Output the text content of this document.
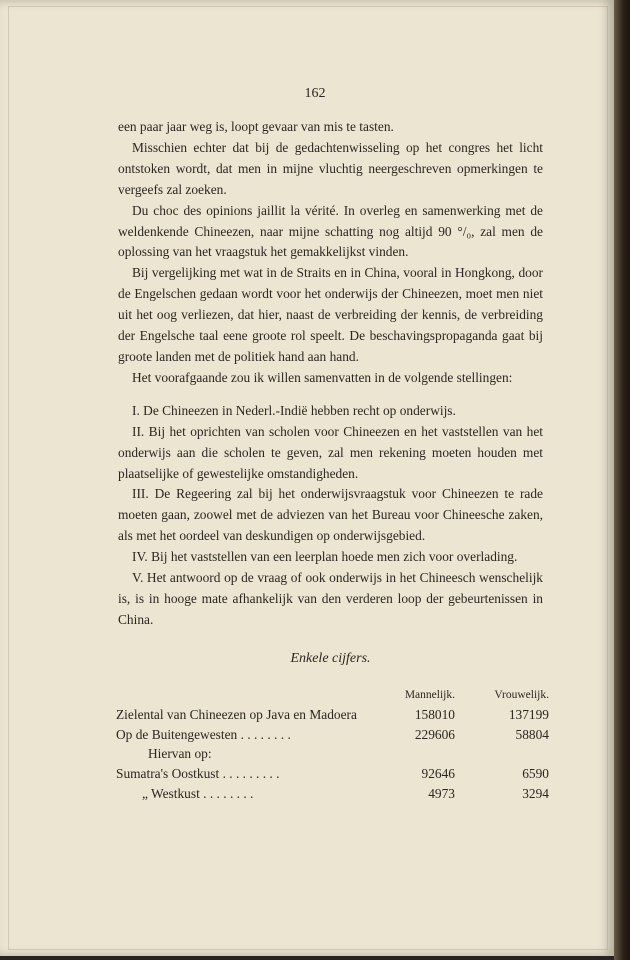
162

een paar jaar weg is, loopt gevaar van mis te tasten.

Misschien echter dat bij de gedachtenwisseling op het congres het licht ontstoken wordt, dat men in mijne vluchtig neergeschreven opmerkingen te vergeefs zal zoeken.

Du choc des opinions jaillit la vérité. In overleg en samenwerking met de weldenkende Chineezen, naar mijne schatting nog altijd 90 °/₀, zal men de oplossing van het vraagstuk het gemakkelijkst vinden.

Bij vergelijking met wat in de Straits en in China, vooral in Hongkong, door de Engelschen gedaan wordt voor het onderwijs der Chineezen, moet men niet uit het oog verliezen, dat hier, naast de verbreiding der kennis, de verbreiding der Engelsche taal eene groote rol speelt. De beschavingspropaganda gaat bij groote landen met de politiek hand aan hand.

Het voorafgaande zou ik willen samenvatten in de volgende stellingen:

I. De Chineezen in Nederl.-Indië hebben recht op onderwijs.

II. Bij het oprichten van scholen voor Chineezen en het vaststellen van het onderwijs aan die scholen te geven, zal men rekening moeten houden met plaatselijke of gewestelijke omstandigheden.

III. De Regeering zal bij het onderwijsvraagstuk voor Chineezen te rade moeten gaan, zoowel met de adviezen van het Bureau voor Chineesche zaken, als met het oordeel van deskundigen op onderwijsgebied.

IV. Bij het vaststellen van een leerplan hoede men zich voor overlading.

V. Het antwoord op de vraag of ook onderwijs in het Chineesch wenschelijk is, is in hooge mate afhankelijk van den verderen loop der gebeurtenissen in China.

Enkele cijfers.
	Mannelijk.	Vrouwelijk.
Zielental van Chineezen op Java en Madoera	158010	137199
Op de Buitengewesten . . . . . . . .	229606	58804
Hiervan op:		
Sumatra's Oostkust . . . . . . . . .	92646	6590
„ Westkust . . . . . . . .	4973	3294
